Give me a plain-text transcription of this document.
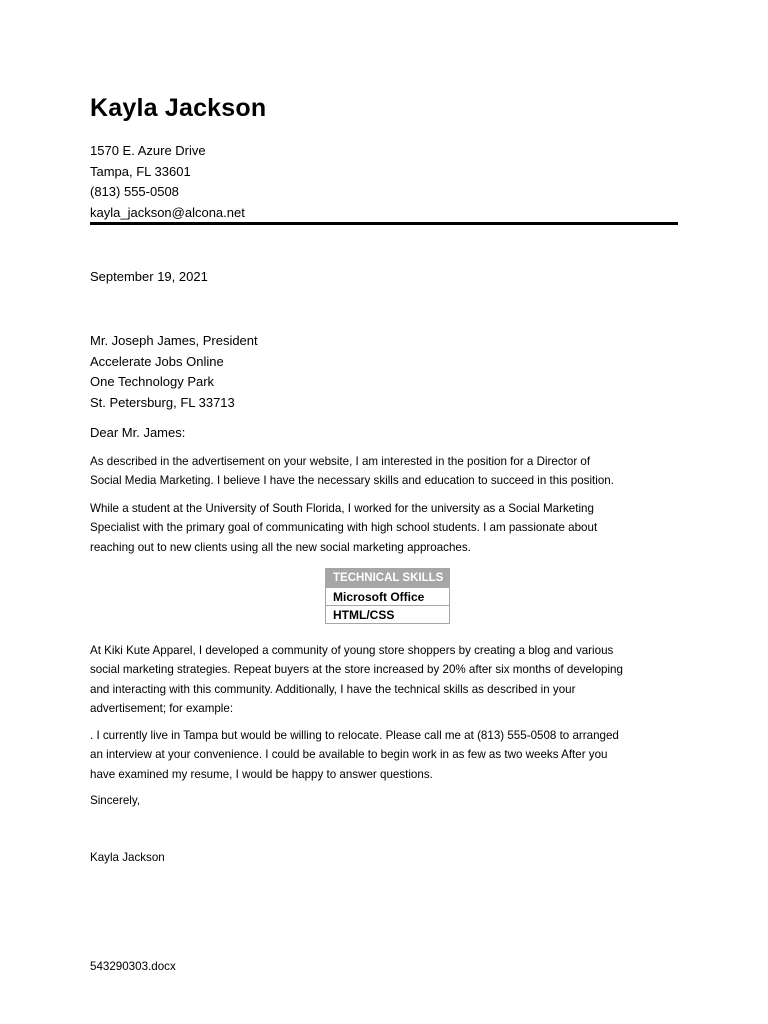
Kayla Jackson
1570 E. Azure Drive
Tampa, FL 33601
(813) 555-0508
kayla_jackson@alcona.net
September 19, 2021
Mr. Joseph James, President
Accelerate Jobs Online
One Technology Park
St. Petersburg, FL 33713
Dear Mr. James:
As described in the advertisement on your website, I am interested in the position for a Director of
Social Media Marketing. I believe I have the necessary skills and education to succeed in this position.
While a student at the University of South Florida, I worked for the university as a Social Marketing
Specialist with the primary goal of communicating with high school students. I am passionate about
reaching out to new clients using all the new social marketing approaches.
TECHNICAL SKILLS
Microsoft Office
HTML/CSS
At Kiki Kute Apparel, I developed a community of young store shoppers by creating a blog and various
social marketing strategies. Repeat buyers at the store increased by 20% after six months of developing
and interacting with this community. Additionally, I have the technical skills as described in your
advertisement; for example:
. I currently live in Tampa but would be willing to relocate. Please call me at (813) 555-0508 to arranged
an interview at your convenience. I could be available to begin work in as few as two weeks After you
have examined my resume, I would be happy to answer questions.
Sincerely,
Kayla Jackson
543290303.docx
